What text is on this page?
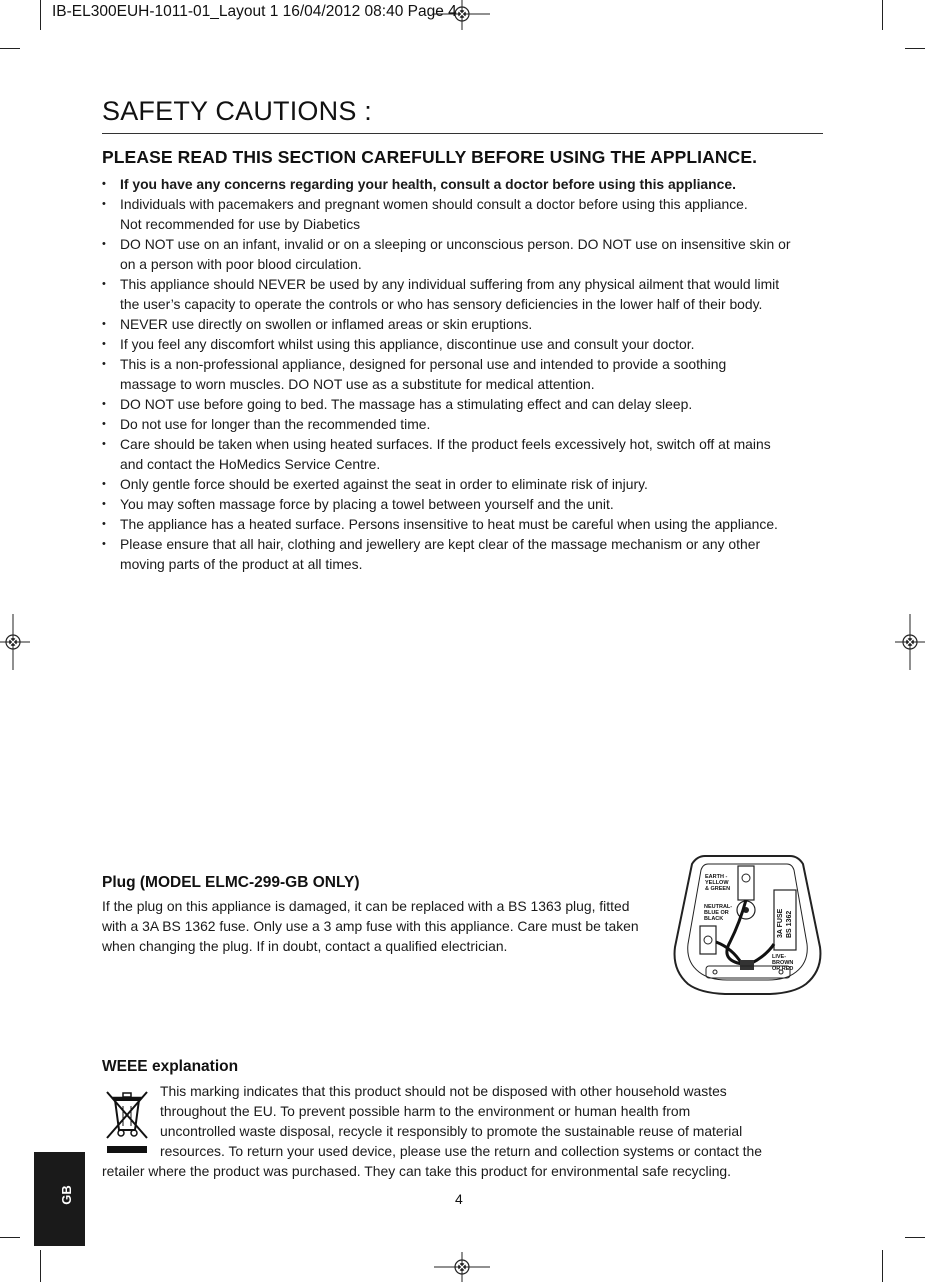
IB-EL300EUH-1011-01_Layout 1 16/04/2012 08:40 Page 4
SAFETY CAUTIONS :
PLEASE READ THIS SECTION CAREFULLY BEFORE USING THE APPLIANCE.
• If you have any concerns regarding your health, consult a doctor before using this appliance.
• Individuals with pacemakers and pregnant women should consult a doctor before using this appliance.
Not recommended for use by Diabetics
• DO NOT use on an infant, invalid or on a sleeping or unconscious person. DO NOT use on insensitive skin or
on a person with poor blood circulation.
• This appliance should NEVER be used by any individual suffering from any physical ailment that would limit
the user’s capacity to operate the controls or who has sensory deficiencies in the lower half of their body.
• NEVER use directly on swollen or inflamed areas or skin eruptions.
• If you feel any discomfort whilst using this appliance, discontinue use and consult your doctor.
• This is a non-professional appliance, designed for personal use and intended to provide a soothing
massage to worn muscles. DO NOT use as a substitute for medical attention.
• DO NOT use before going to bed. The massage has a stimulating effect and can delay sleep.
• Do not use for longer than the recommended time.
• Care should be taken when using heated surfaces. If the product feels excessively hot, switch off at mains
and contact the HoMedics Service Centre.
• Only gentle force should be exerted against the seat in order to eliminate risk of injury.
• You may soften massage force by placing a towel between yourself and the unit.
• The appliance has a heated surface. Persons insensitive to heat must be careful when using the appliance.
• Please ensure that all hair, clothing and jewellery are kept clear of the massage mechanism or any other
moving parts of the product at all times.
Plug (MODEL ELMC-299-GB ONLY)
If the plug on this appliance is damaged, it can be replaced with a BS 1363 plug, fitted
with a 3A BS 1362 fuse. Only use a 3 amp fuse with this appliance. Care must be taken
when changing the plug. If in doubt, contact a qualified electrician.
EARTH -YELLOW & GREEN
NEUTRAL-BLUE OR BLACK
LIVE-BROWN OR RED
3A FUSE BS 1362
WEEE explanation
This marking indicates that this product should not be disposed with other household wastes
throughout the EU. To prevent possible harm to the environment or human health from
uncontrolled waste disposal, recycle it responsibly to promote the sustainable reuse of material
resources. To return your used device, please use the return and collection systems or contact the
retailer where the product was purchased. They can take this product for environmental safe recycling.
GB	4
